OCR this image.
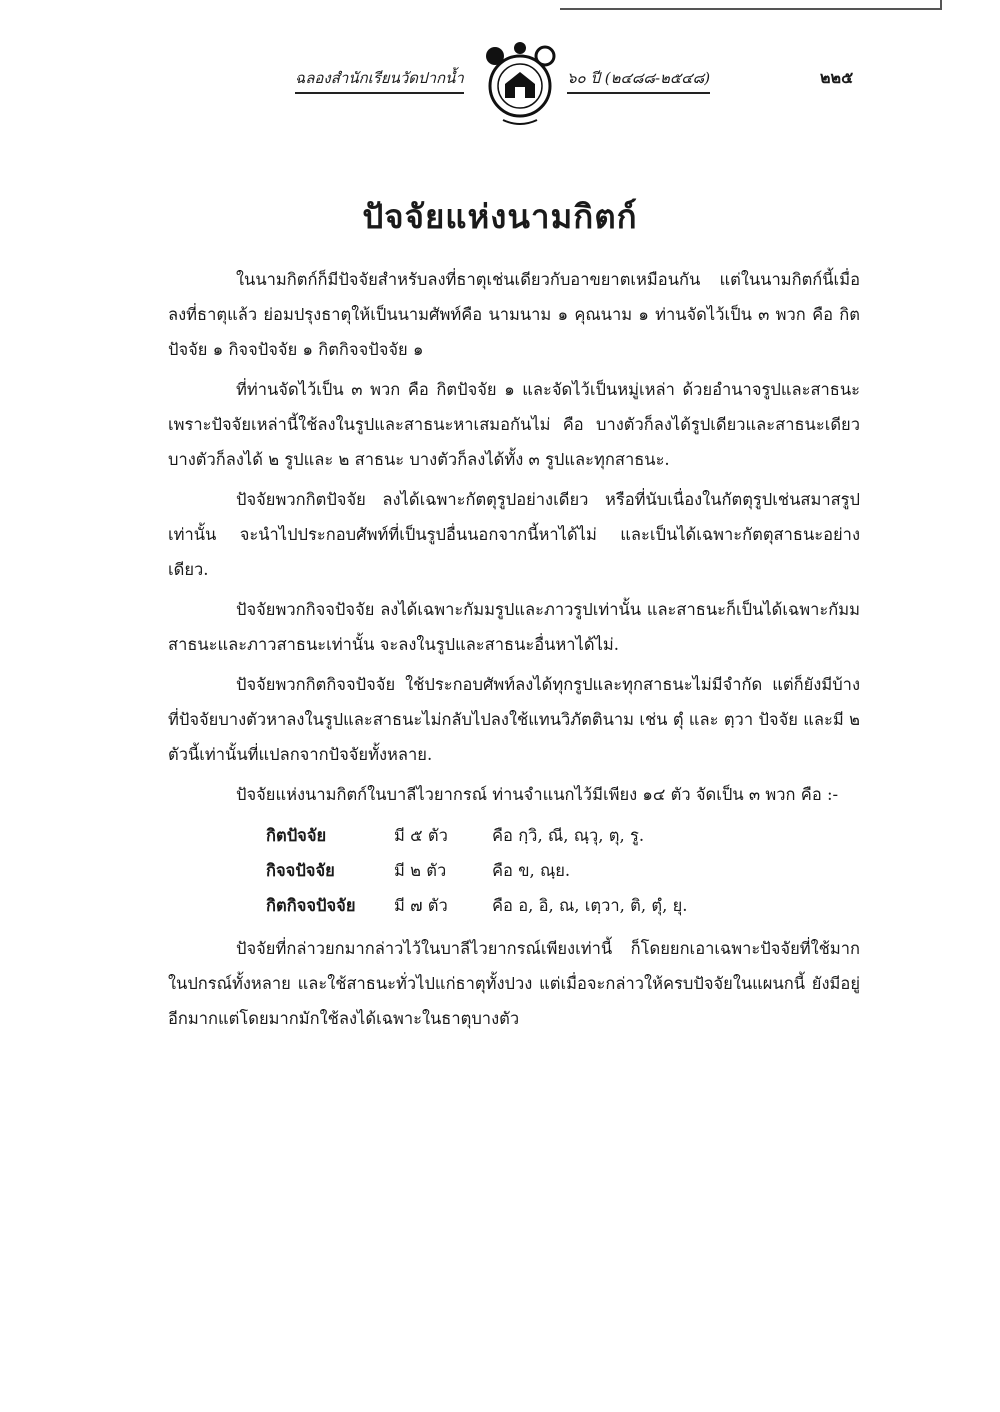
ฉลองสำนักเรียนวัดปากน้ำ	๖๐ ปี (๒๔๘๘-๒๕๔๘)	๒๒๕
ปัจจัยแห่งนามกิตก์

ในนามกิตก์ก็มีปัจจัยสำหรับลงที่ธาตุเช่นเดียวกับอาขยาตเหมือนกัน แต่ในนามกิตก์นี้เมื่อลงที่ธาตุแล้ว ย่อมปรุงธาตุให้เป็นนามศัพท์คือ นามนาม ๑ คุณนาม ๑ ท่านจัดไว้เป็น ๓ พวก คือ กิตปัจจัย ๑ กิจจปัจจัย ๑ กิตกิจจปัจจัย ๑

ที่ท่านจัดไว้เป็น ๓ พวก คือ กิตปัจจัย ๑ และจัดไว้เป็นหมู่เหล่า ด้วยอำนาจรูปและสาธนะ เพราะปัจจัยเหล่านี้ใช้ลงในรูปและสาธนะหาเสมอกันไม่ คือ บางตัวก็ลงได้รูปเดียวและสาธนะเดียว บางตัวก็ลงได้ ๒ รูปและ ๒ สาธนะ บางตัวก็ลงได้ทั้ง ๓ รูปและทุกสาธนะ.

ปัจจัยพวกกิตปัจจัย ลงได้เฉพาะกัตตุรูปอย่างเดียว หรือที่นับเนื่องในกัตตุรูปเช่นสมาสรูปเท่านั้น จะนำไปประกอบศัพท์ที่เป็นรูปอื่นนอกจากนี้หาได้ไม่ และเป็นได้เฉพาะกัตตุสาธนะอย่างเดียว.

ปัจจัยพวกกิจจปัจจัย ลงได้เฉพาะกัมมรูปและภาวรูปเท่านั้น และสาธนะก็เป็นได้เฉพาะกัมมสาธนะและภาวสาธนะเท่านั้น จะลงในรูปและสาธนะอื่นหาได้ไม่.

ปัจจัยพวกกิตกิจจปัจจัย ใช้ประกอบศัพท์ลงได้ทุกรูปและทุกสาธนะไม่มีจำกัด แต่ก็ยังมีบ้างที่ปัจจัยบางตัวหาลงในรูปและสาธนะไม่กลับไปลงใช้แทนวิภัตตินาม เช่น ตุํ และ ตฺวา ปัจจัย และมี ๒ ตัวนี้เท่านั้นที่แปลกจากปัจจัยทั้งหลาย.

ปัจจัยแห่งนามกิตก์ในบาลีไวยากรณ์ ท่านจำแนกไว้มีเพียง ๑๔ ตัว จัดเป็น ๓ พวก คือ :-

กิตปัจจัย	มี ๕ ตัว	คือ กฺวิ, ณี, ณฺวุ, ตุ, รู.
กิจจปัจจัย	มี ๒ ตัว	คือ ข, ณฺย.
กิตกิจจปัจจัย	มี ๗ ตัว	คือ อ, อิ, ณ, เตฺวา, ติ, ตุํ, ยุ.

ปัจจัยที่กล่าวยกมากล่าวไว้ในบาลีไวยากรณ์เพียงเท่านี้ ก็โดยยกเอาเฉพาะปัจจัยที่ใช้มากในปกรณ์ทั้งหลาย และใช้สาธนะทั่วไปแก่ธาตุทั้งปวง แต่เมื่อจะกล่าวให้ครบปัจจัยในแผนกนี้ ยังมีอยู่อีกมากแต่โดยมากมักใช้ลงได้เฉพาะในธาตุบางตัว
